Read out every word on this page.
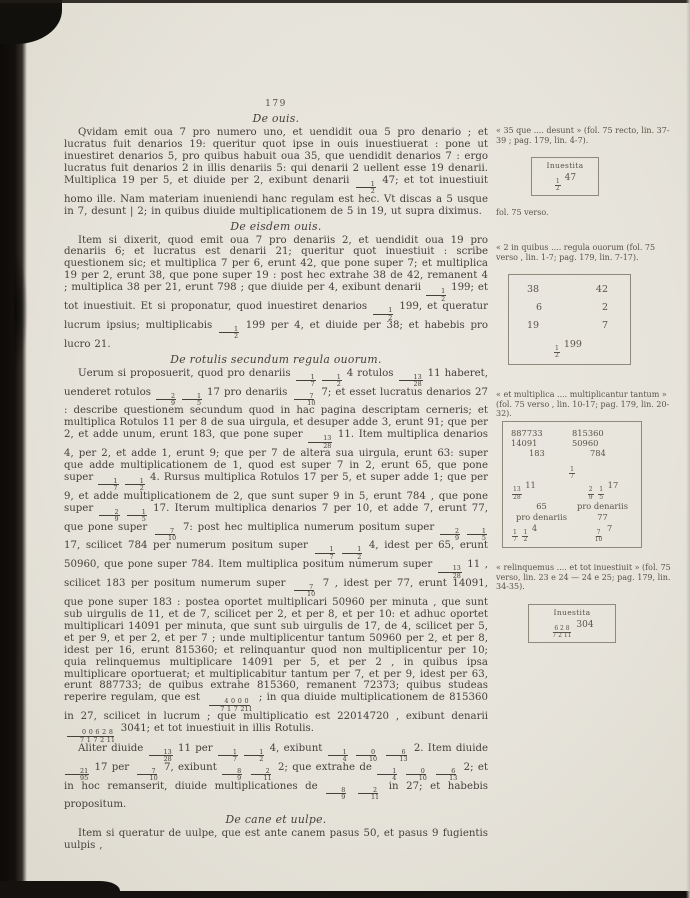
179
De ouis.

Qvidam emit oua 7 pro numero uno, et uendidit oua 5 pro denario ; et lucratus fuit denarios 19: queritur quot ipse in ouis inuestiuerat : pone ut inuestiret denarios 5, pro quibus habuit oua 35, que uendidit denarios 7 : ergo lucratus fuit denarios 2 in illis denariis 5: qui denarii 2 uellent esse 19 denarii. Multiplica 19 per 5, et diuide per 2, exibunt denarii
$\frac{1}{2}$
47; et tot inuestiuit homo ille. Nam materiam inueniendi hanc regulam est hec. Vt discas a 5 usque in 7, desunt | 2; in quibus diuide multiplicationem de 5 in 19, ut supra diximus.

De eisdem ouis.

Item si dixerit, quod emit oua 7 pro denariis 2, et uendidit oua 19 pro denariis 6; et lucratus est denarii 21; queritur quot inuestiuit : scribe questionem sic; et multiplica 7 per 6, erunt 42, que pone super 7; et multiplica 19 per 2, erunt 38, que pone super 19 : post hec extrahe 38 de 42, remanent 4 ; multiplica 38 per 21, erunt 798 ; que diuide per 4, exibunt denarii
$\frac{1}{2}$
199; et tot inuestiuit. Et si proponatur, quod inuestiret denarios
$\frac{1}{2}$
199, et queratur lucrum ipsius; multiplicabis
$\frac{1}{2}$
199 per 4, et diuide per 38; et habebis pro lucro 21.

De rotulis secundum regula ouorum.

Uerum si proposuerit, quod pro denariis
$\frac{1}{7}$
$\frac{1}{2}$
4 rotulos
$\frac{13}{28}$
11 haberet, uenderet rotulos
$\frac{2}{9}$
$\frac{1}{5}$
17 pro denariis
$\frac{7}{10}$
7; et esset lucratus denarios 27 : describe questionem secundum quod in hac pagina descriptam cerneris; et multiplica Rotulos 11 per 8 de sua uirgula, et desuper adde 3, erunt 91; que per 2, et adde unum, erunt 183, que pone super
$\frac{13}{28}$
11. Item multiplica denarios 4, per 2, et adde 1, erunt 9; que per 7 de altera sua uirgula, erunt 63: super que adde multiplicationem de 1, quod est super 7 in 2, erunt 65, que pone super
$\frac{1}{7}$
$\frac{1}{2}$
4. Rursus multiplica Rotulos 17 per 5, et super adde 1; que per 9, et adde multiplicationem de 2, que sunt super 9 in 5, erunt 784 , que pone super
$\frac{2}{9}$
$\frac{1}{5}$
17. Iterum multiplica denarios 7 per 10, et adde 7, erunt 77, que pone super
$\frac{7}{10}$
7: post hec multiplica numerum positum super
$\frac{2}{9}$
$\frac{1}{5}$
17, scilicet 784 per numerum positum super
$\frac{1}{7}$
$\frac{1}{2}$
4, idest per 65, erunt 50960, que pone super 784. Item multiplica positum numerum super
$\frac{13}{28}$
11 , scilicet 183 per positum numerum super
$\frac{7}{10}$
7 , idest per 77, erunt 14091, que pone super 183 : postea oportet multiplicari 50960 per minuta , que sunt sub uirgulis de 11, et de 7, scilicet per 2, et per 8, et per 10: et adhuc oportet multiplicari 14091 per minuta, que sunt sub uirgulis de 17, de 4, scilicet per 5, et per 9, et per 2, et per 7 ; unde multiplicentur tantum 50960 per 2, et per 8, idest per 16, erunt 815360; et relinquantur quod non multiplicentur per 10; quia relinquemus multiplicare 14091 per 5, et per 2 , in quibus ipsa multiplicare oportuerat; et multiplicabitur tantum per 7, et per 9, idest per 63, erunt 887733; de quibus extrahe 815360, remanent 72373; quibus studeas reperire regulam, que est
$\frac{4 0 0 0}{7 1 7 211}$
; in qua diuide multiplicationem de 815360 in 27, scilicet in lucrum ; que multiplicatio est 22014720 , exibunt denarii
$\frac{0 0 6 2 8}{7 1 7 2 11}$
3041; et tot inuestiuit in illis Rotulis.

Aliter diuide
$\frac{13}{28}$
11 per
$\frac{1}{7}$
$\frac{1}{2}$
4, exibunt
$\frac{1}{4}$
$\frac{0}{10}$
$\frac{6}{13}$
2. Item diuide
$\frac{21}{95}$
17 per
$\frac{7}{10}$
7, exibunt
$\frac{8}{9}$
$\frac{2}{11}$
2; que extrahe de
$\frac{1}{4}$
$\frac{0}{10}$
$\frac{6}{13}$
2; et in hoc remanserit, diuide multiplicationes de
$\frac{8}{9}$
$\frac{2}{11}$
in 27; et habebis propositum.

De cane et uulpe.

Item si queratur de uulpe, que est ante canem pasus 50, et pasus 9 fugientis uulpis ,

« 35 que .... desunt » (fol. 75 recto, lin. 37-39 ; pag. 179, lin. 4-7).
Inuestita
$\frac{1}{2}$
47
fol. 75 verso.
« 2 in quibus .... regula ouorum (fol. 75 verso , lin. 1-7; pag. 179, lin. 7-17).
38	42
6	2
19	7
$\frac{1}{2}$
199
« et multiplica .... multiplicantur tantum » (fol. 75 verso , lin. 10-17; pag. 179, lin. 20-32).
887733	815360
14091	50960
183	784
$\frac{1}{7}$
$\frac{13}{28}$
11
65
pro denariis
$\frac{1}{7}$
$\frac{1}{2}$
4
$\frac{2}{9}$
$\frac{1}{5}$
17
pro denariis
77
$\frac{7}{10}$
7
« relinquemus .... et tot inuestiuit » (fol. 75 verso, lin. 23 e 24 — 24 e 25; pag. 179, lin. 34-35).
Inuestita
$\frac{6 2 8}{7 2 11}$
304
